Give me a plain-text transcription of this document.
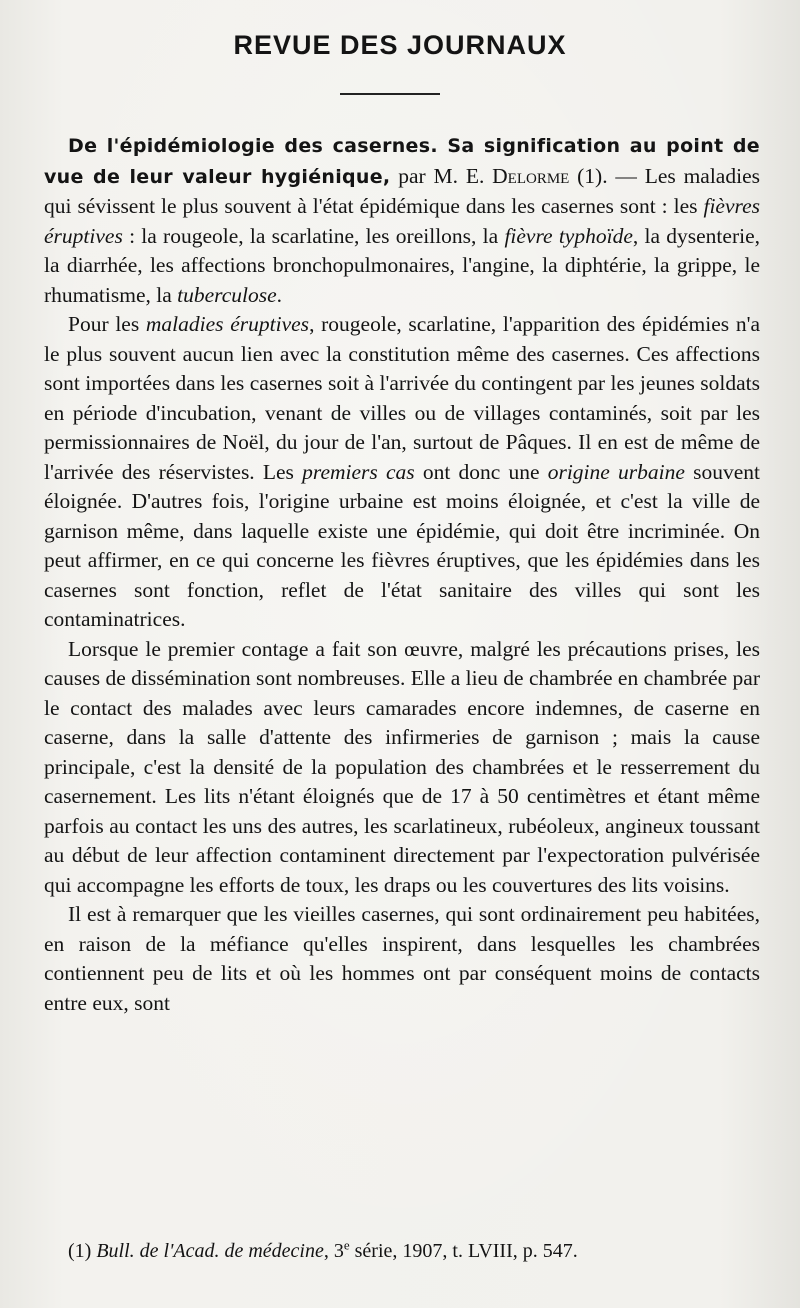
REVUE DES JOURNAUX

De l'épidémiologie des casernes. Sa signification au point de vue de leur valeur hygiénique, par M. E. Delorme (1). — Les maladies qui sévissent le plus souvent à l'état épidémique dans les casernes sont : les fièvres éruptives : la rougeole, la scarlatine, les oreillons, la fièvre typhoïde, la dysenterie, la diarrhée, les affections bronchopulmonaires, l'angine, la diphtérie, la grippe, le rhumatisme, la tuberculose.

Pour les maladies éruptives, rougeole, scarlatine, l'apparition des épidémies n'a le plus souvent aucun lien avec la constitution même des casernes. Ces affections sont importées dans les casernes soit à l'arrivée du contingent par les jeunes soldats en période d'incubation, venant de villes ou de villages contaminés, soit par les permissionnaires de Noël, du jour de l'an, surtout de Pâques. Il en est de même de l'arrivée des réservistes. Les premiers cas ont donc une origine urbaine souvent éloignée. D'autres fois, l'origine urbaine est moins éloignée, et c'est la ville de garnison même, dans laquelle existe une épidémie, qui doit être incriminée. On peut affirmer, en ce qui concerne les fièvres éruptives, que les épidémies dans les casernes sont fonction, reflet de l'état sanitaire des villes qui sont les contaminatrices.

Lorsque le premier contage a fait son œuvre, malgré les précautions prises, les causes de dissémination sont nombreuses. Elle a lieu de chambrée en chambrée par le contact des malades avec leurs camarades encore indemnes, de caserne en caserne, dans la salle d'attente des infirmeries de garnison ; mais la cause principale, c'est la densité de la population des chambrées et le resserrement du casernement. Les lits n'étant éloignés que de 17 à 50 centimètres et étant même parfois au contact les uns des autres, les scarlatineux, rubéoleux, angineux toussant au début de leur affection contaminent directement par l'expectoration pulvérisée qui accompagne les efforts de toux, les draps ou les couvertures des lits voisins.

Il est à remarquer que les vieilles casernes, qui sont ordinairement peu habitées, en raison de la méfiance qu'elles inspirent, dans lesquelles les chambrées contiennent peu de lits et où les hommes ont par conséquent moins de contacts entre eux, sont

(1) Bull. de l'Acad. de médecine, 3e série, 1907, t. LVIII, p. 547.
